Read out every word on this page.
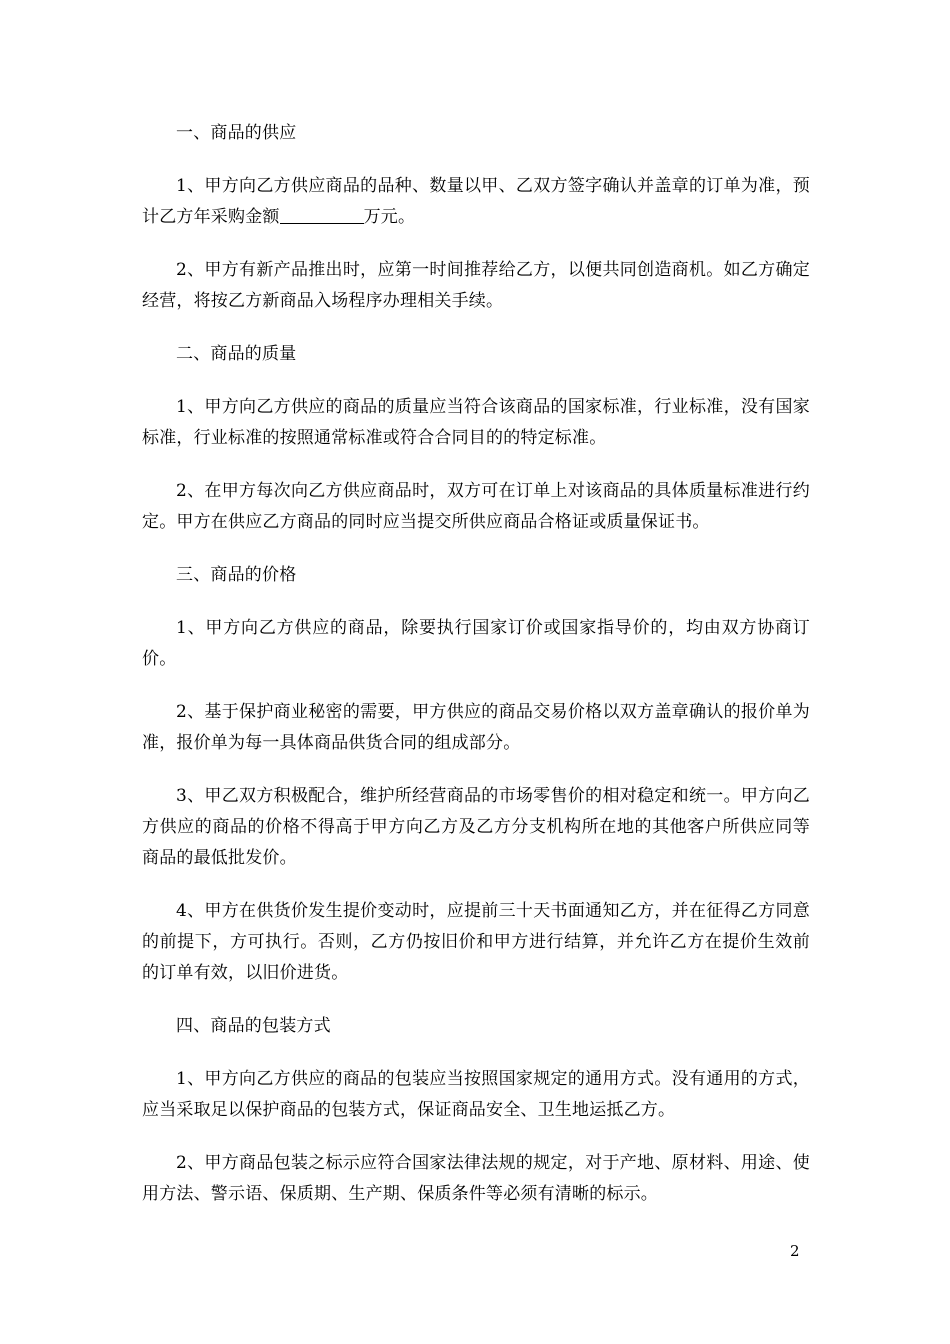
一、商品的供应

1、甲方向乙方供应商品的品种、数量以甲、乙双方签字确认并盖章的订单为准，预计乙方年采购金额	万元。

2、甲方有新产品推出时，应第一时间推荐给乙方，以便共同创造商机。如乙方确定经营，将按乙方新商品入场程序办理相关手续。

二、商品的质量

1、甲方向乙方供应的商品的质量应当符合该商品的国家标准，行业标准，没有国家标准，行业标准的按照通常标准或符合合同目的的特定标准。

2、在甲方每次向乙方供应商品时，双方可在订单上对该商品的具体质量标准进行约定。甲方在供应乙方商品的同时应当提交所供应商品合格证或质量保证书。

三、商品的价格

1、甲方向乙方供应的商品，除要执行国家订价或国家指导价的，均由双方协商订价。

2、基于保护商业秘密的需要，甲方供应的商品交易价格以双方盖章确认的报价单为准，报价单为每一具体商品供货合同的组成部分。

3、甲乙双方积极配合，维护所经营商品的市场零售价的相对稳定和统一。甲方向乙方供应的商品的价格不得高于甲方向乙方及乙方分支机构所在地的其他客户所供应同等商品的最低批发价。

4、甲方在供货价发生提价变动时，应提前三十天书面通知乙方，并在征得乙方同意的前提下，方可执行。否则，乙方仍按旧价和甲方进行结算，并允许乙方在提价生效前的订单有效，以旧价进货。

四、商品的包装方式

1、甲方向乙方供应的商品的包装应当按照国家规定的通用方式。没有通用的方式，应当采取足以保护商品的包装方式，保证商品安全、卫生地运抵乙方。

2、甲方商品包装之标示应符合国家法律法规的规定，对于产地、原材料、用途、使用方法、警示语、保质期、生产期、保质条件等必须有清晰的标示。

2
